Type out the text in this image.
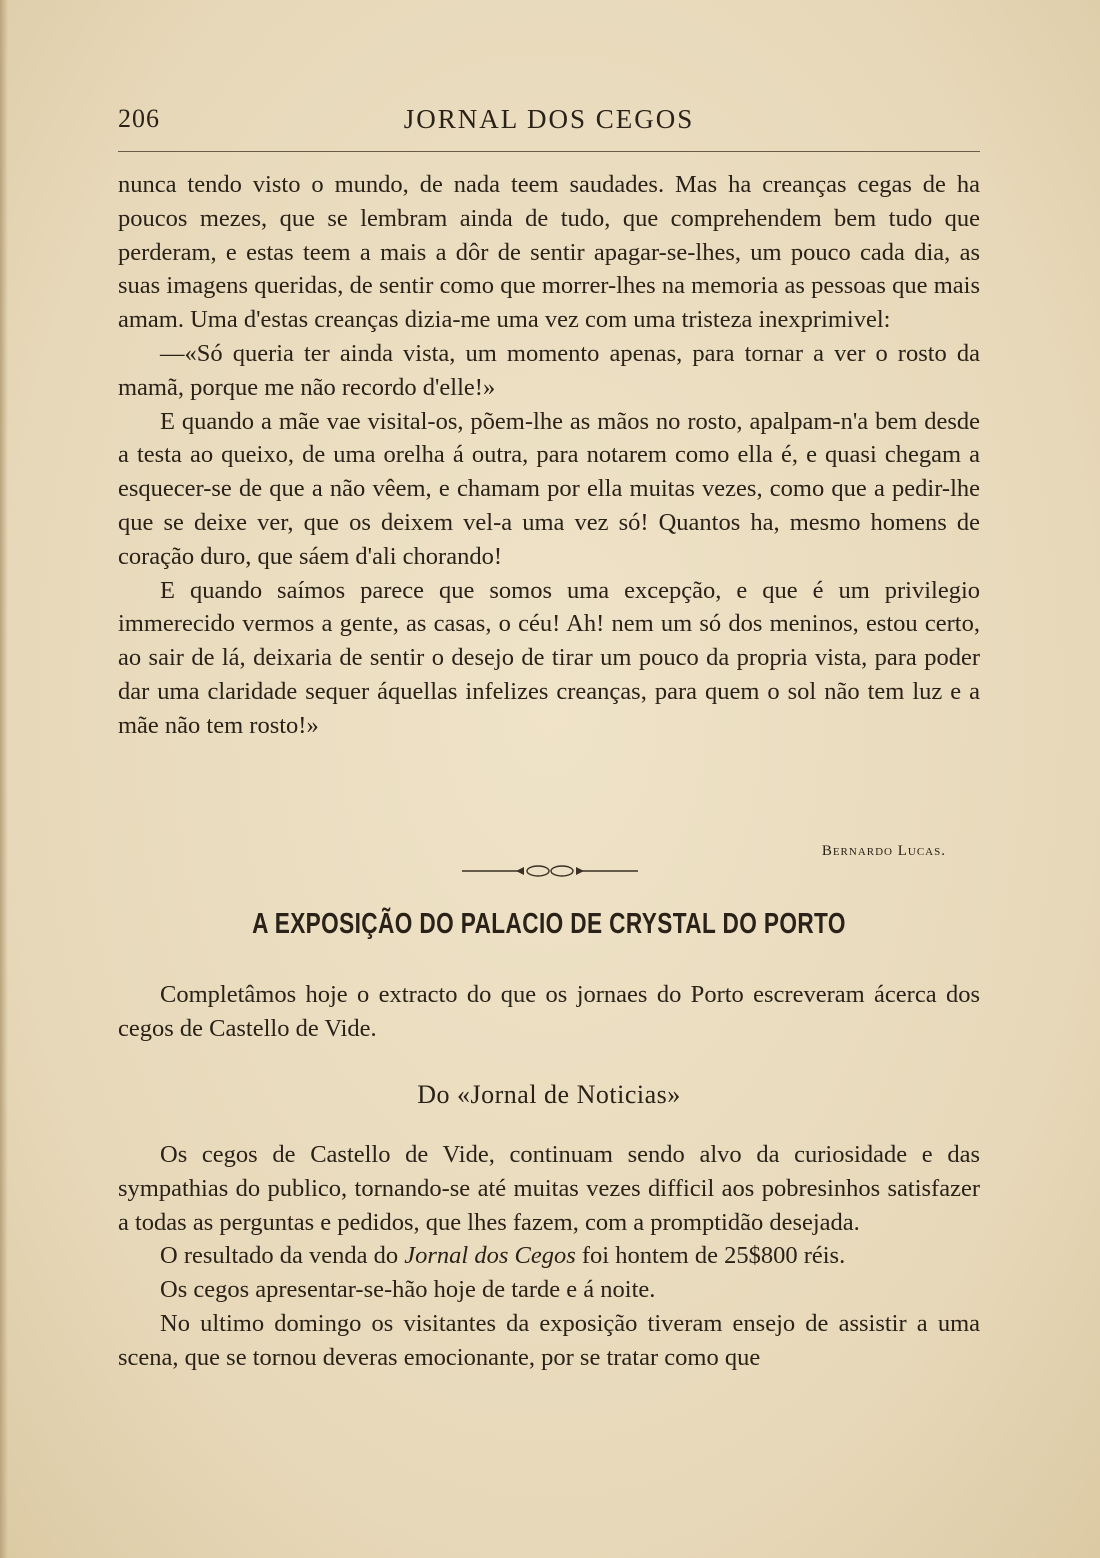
206	JORNAL DOS CEGOS

nunca tendo visto o mundo, de nada teem saudades. Mas ha creanças cegas de ha poucos mezes, que se lembram ainda de tudo, que comprehendem bem tudo que perderam, e estas teem a mais a dôr de sentir apagar-se-lhes, um pouco cada dia, as suas imagens queridas, de sentir como que morrer-lhes na memoria as pessoas que mais amam. Uma d'estas creanças dizia-me uma vez com uma tristeza inexprimivel:

—«Só queria ter ainda vista, um momento apenas, para tornar a ver o rosto da mamã, porque me não recordo d'elle!»

E quando a mãe vae visital-os, põem-lhe as mãos no rosto, apalpam-n'a bem desde a testa ao queixo, de uma orelha á outra, para notarem como ella é, e quasi chegam a esquecer-se de que a não vêem, e chamam por ella muitas vezes, como que a pedir-lhe que se deixe ver, que os deixem vel-a uma vez só! Quantos ha, mesmo homens de coração duro, que sáem d'ali chorando!

E quando saímos parece que somos uma excepção, e que é um privilegio immerecido vermos a gente, as casas, o céu! Ah! nem um só dos meninos, estou certo, ao sair de lá, deixaria de sentir o desejo de tirar um pouco da propria vista, para poder dar uma claridade sequer áquellas infelizes creanças, para quem o sol não tem luz e a mãe não tem rosto!»

Bernardo Lucas.
A EXPOSIÇÃO DO PALACIO DE CRYSTAL DO PORTO

Completâmos hoje o extracto do que os jornaes do Porto escreveram ácerca dos cegos de Castello de Vide.

Do «Jornal de Noticias»

Os cegos de Castello de Vide, continuam sendo alvo da curiosidade e das sympathias do publico, tornando-se até muitas vezes difficil aos pobresinhos satisfazer a todas as perguntas e pedidos, que lhes fazem, com a promptidão desejada.

O resultado da venda do Jornal dos Cegos foi hontem de 25$800 réis.

Os cegos apresentar-se-hão hoje de tarde e á noite.

No ultimo domingo os visitantes da exposição tiveram ensejo de assistir a uma scena, que se tornou deveras emocionante, por se tratar como que
